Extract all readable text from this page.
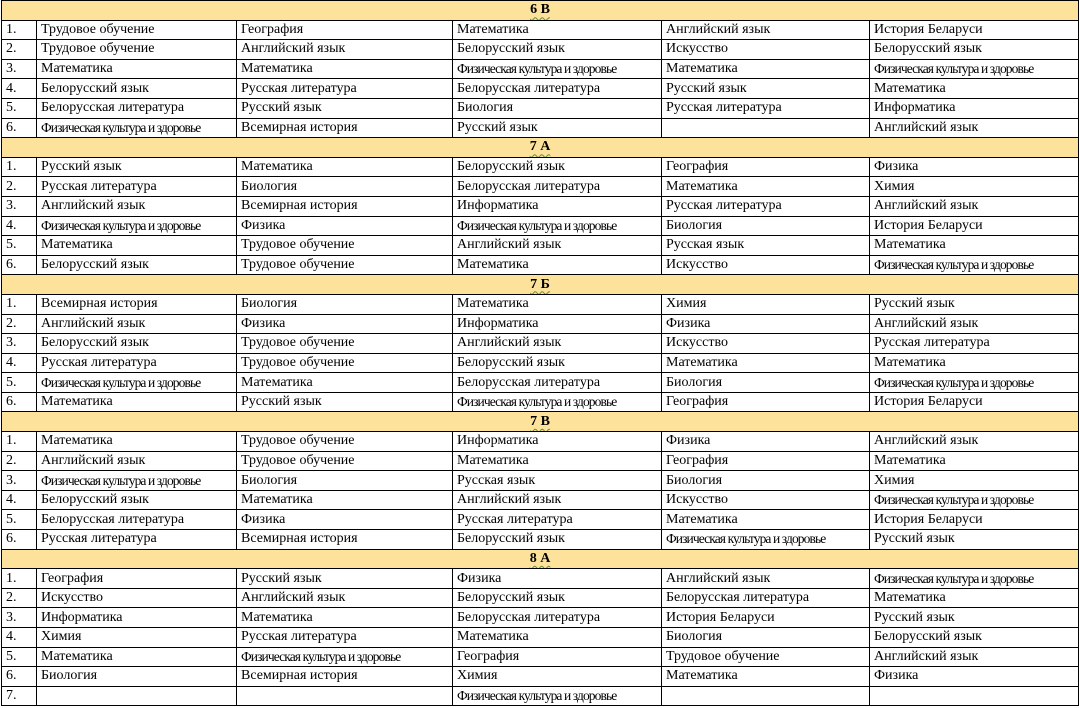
6 В					
1.	Трудовое обучение	География	Математика	Английский язык	История Беларуси
2.	Трудовое обучение	Английский язык	Белорусский язык	Искусство	Белорусский язык
3.	Математика	Математика	Физическая культура и здоровье	Математика	Физическая культура и здоровье
4.	Белорусский язык	Русская литература	Белорусская литература	Русский язык	Математика
5.	Белорусская литература	Русский язык	Биология	Русская литература	Информатика
6.	Физическая культура и здоровье	Всемирная история	Русский язык		Английский язык
7 А					
1.	Русский язык	Математика	Белорусский язык	География	Физика
2.	Русская литература	Биология	Белорусская литература	Математика	Химия
3.	Английский язык	Всемирная история	Информатика	Русская литература	Английский язык
4.	Физическая культура и здоровье	Физика	Физическая культура и здоровье	Биология	История Беларуси
5.	Математика	Трудовое обучение	Английский язык	Русская язык	Математика
6.	Белорусский язык	Трудовое обучение	Математика	Искусство	Физическая культура и здоровье
7 Б					
1.	Всемирная история	Биология	Математика	Химия	Русский язык
2.	Английский язык	Физика	Информатика	Физика	Английский язык
3.	Белорусский язык	Трудовое обучение	Английский язык	Искусство	Русская литература
4.	Русская литература	Трудовое обучение	Белорусский язык	Математика	Математика
5.	Физическая культура и здоровье	Математика	Белорусская литература	Биология	Физическая культура и здоровье
6.	Математика	Русский язык	Физическая культура и здоровье	География	История Беларуси
7 В					
1.	Математика	Трудовое обучение	Информатика	Физика	Английский язык
2.	Английский язык	Трудовое обучение	Математика	География	Математика
3.	Физическая культура и здоровье	Биология	Русская язык	Биология	Химия
4.	Белорусский язык	Математика	Английский язык	Искусство	Физическая культура и здоровье
5.	Белорусская литература	Физика	Русская литература	Математика	История Беларуси
6.	Русская литература	Всемирная история	Белорусский язык	Физическая культура и здоровье	Русский язык
8 А					
1.	География	Русский язык	Физика	Английский язык	Физическая культура и здоровье
2.	Искусство	Английский язык	Белорусский язык	Белорусская литература	Математика
3.	Информатика	Математика	Белорусская литература	История Беларуси	Русский язык
4.	Химия	Русская литература	Математика	Биология	Белорусский язык
5.	Математика	Физическая культура и здоровье	География	Трудовое обучение	Английский язык
6.	Биология	Всемирная история	Химия	Математика	Физика
7.			Физическая культура и здоровье		
